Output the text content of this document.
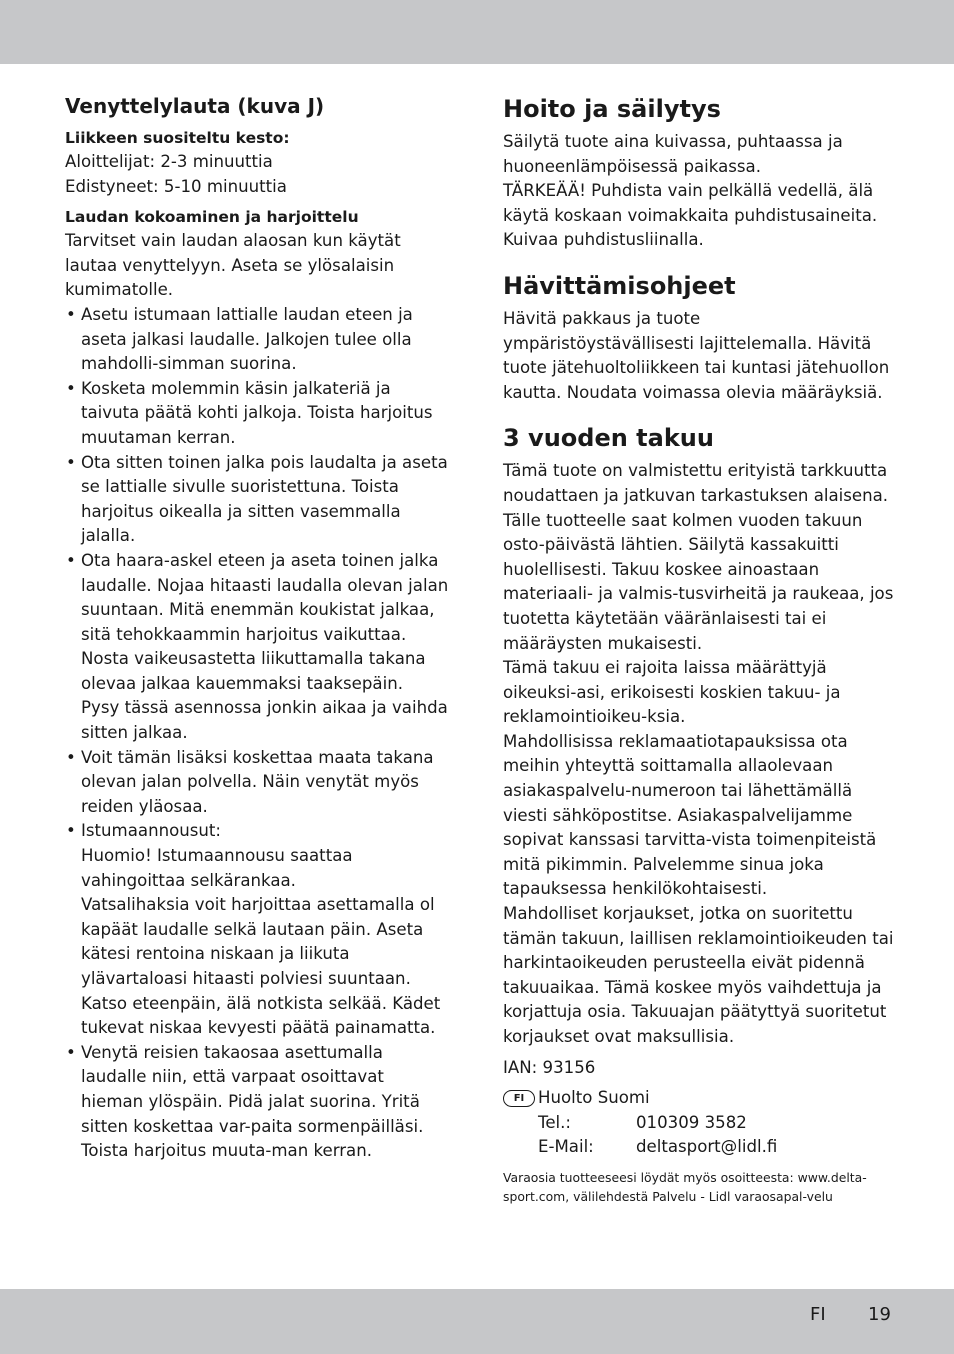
Venyttelylauta (kuva J)
Liikkeen suositeltu kesto:

Aloittelijat: 2-3 minuuttia

Edistyneet: 5-10 minuuttia

Laudan kokoaminen ja harjoittelu

Tarvitset vain laudan alaosan kun käytät lautaa venyttelyyn. Aseta se ylösalaisin kumimatolle.

• Asetu istumaan lattialle laudan eteen ja aseta jalkasi laudalle. Jalkojen tulee olla mahdolli-simman suorina.

• Kosketa molemmin käsin jalkateriä ja taivuta päätä kohti jalkoja. Toista harjoitus muutaman kerran.

• Ota sitten toinen jalka pois laudalta ja aseta se lattialle sivulle suoristettuna. Toista harjoitus oikealla ja sitten vasemmalla jalalla.

• Ota haara-askel eteen ja aseta toinen jalka laudalle. Nojaa hitaasti laudalla olevan jalan suuntaan. Mitä enemmän koukistat jalkaa, sitä tehokkaammin harjoitus vaikuttaa.

Nosta vaikeusastetta liikuttamalla takana olevaa jalkaa kauemmaksi taaksepäin.

Pysy tässä asennossa jonkin aikaa ja vaihda sitten jalkaa.

• Voit tämän lisäksi koskettaa maata takana olevan jalan polvella. Näin venytät myös reiden yläosaa.

• Istumaannousut:

Huomio! Istumaannousu saattaa vahingoittaa selkärankaa.

Vatsalihaksia voit harjoittaa asettamalla ol kapäät laudalle selkä lautaan päin. Aseta kätesi rentoina niskaan ja liikuta ylävartaloasi hitaasti polviesi suuntaan. Katso eteenpäin, älä notkista selkää. Kädet tukevat niskaa kevyesti päätä painamatta.

• Venytä reisien takaosaa asettumalla laudalle niin, että varpaat osoittavat hieman ylöspäin. Pidä jalat suorina. Yritä sitten koskettaa var-paita sormenpäilläsi. Toista harjoitus muuta-man kerran.

Hoito ja säilytys

Säilytä tuote aina kuivassa, puhtaassa ja huoneenlämpöisessä paikassa.

TÄRKEÄÄ! Puhdista vain pelkällä vedellä, älä käytä koskaan voimakkaita puhdistusaineita. Kuivaa puhdistusliinalla.

Hävittämisohjeet

Hävitä pakkaus ja tuote ympäristöystävällisesti lajittelemalla. Hävitä tuote jätehuoltoliikkeen tai kuntasi jätehuollon kautta. Noudata voimassa olevia määräyksiä.

3 vuoden takuu

Tämä tuote on valmistettu erityistä tarkkuutta noudattaen ja jatkuvan tarkastuksen alaisena. Tälle tuotteelle saat kolmen vuoden takuun osto-päivästä lähtien. Säilytä kassakuitti huolellisesti. Takuu koskee ainoastaan materiaali- ja valmis-tusvirheitä ja raukeaa, jos tuotetta käytetään vääränlaisesti tai ei määräysten mukaisesti.

Tämä takuu ei rajoita laissa määrättyjä oikeuksi-asi, erikoisesti koskien takuu- ja reklamointioikeu-ksia.

Mahdollisissa reklamaatiotapauksissa ota meihin yhteyttä soittamalla allaolevaan asiakaspalvelu-numeroon tai lähettämällä viesti sähköpostitse. Asiakaspalvelijamme sopivat kanssasi tarvitta-vista toimenpiteistä mitä pikimmin. Palvelemme sinua joka tapauksessa henkilökohtaisesti.

Mahdolliset korjaukset, jotka on suoritettu tämän takuun, laillisen reklamointioikeuden tai harkintaoikeuden perusteella eivät pidennä takuuaikaa. Tämä koskee myös vaihdettuja ja korjattuja osia. Takuuajan päätyttyä suoritetut korjaukset ovat maksullisia.

IAN: 93156

FI Huolto Suomi

Tel.:	010309 3582

E-Mail:	deltasport@lidl.fi

Varaosia tuotteeseesi löydät myös osoitteesta: www.delta-sport.com, välilehdestä Palvelu - Lidl varaosapal-velu

FI 19
